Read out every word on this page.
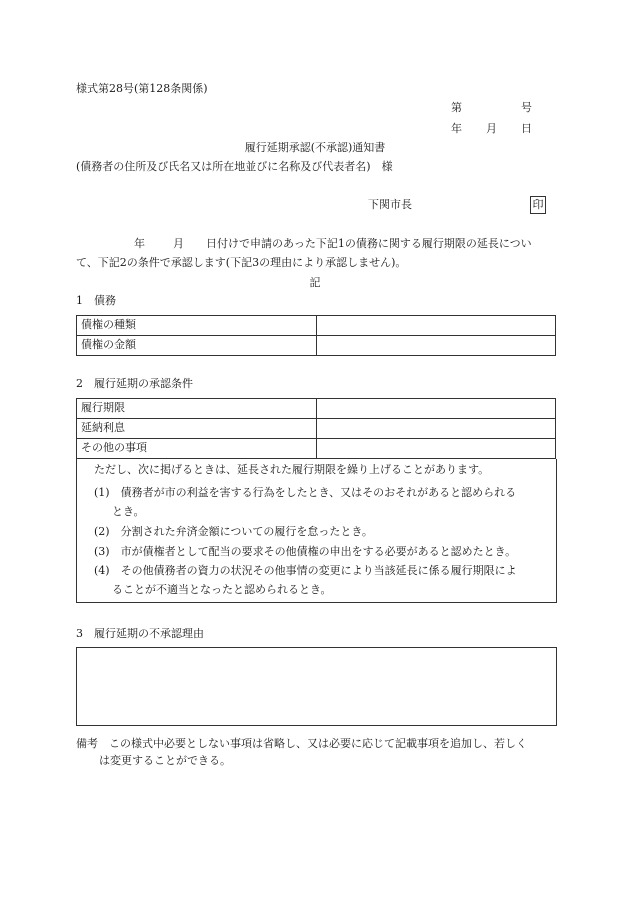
様式第28号(第128条関係)
第	号
年 月 日
履行延期承認(不承認)通知書
(債務者の住所及び氏名又は所在地並びに名称及び代表者名)　様
下関市長	印
年	月 日付けで申請のあった下記1の債務に関する履行期限の延長につい
て、下記2の条件で承認します(下記3の理由により承認しません)。
記
1　債務
債権の種類	
債権の金額	
2　履行延期の承認条件
履行期限	
延納利息	
その他の事項	
ただし、次に掲げるときは、延長された履行期限を繰り上げることがあります。
(1)　債務者が市の利益を害する行為をしたとき、又はそのおそれがあると認められる
とき。
(2)　分割された弁済金額についての履行を怠ったとき。
(3)　市が債権者として配当の要求その他債権の申出をする必要があると認めたとき。
(4)　その他債務者の資力の状況その他事情の変更により当該延長に係る履行期限によ
ることが不適当となったと認められるとき。
3　履行延期の不承認理由
備考　この様式中必要としない事項は省略し、又は必要に応じて記載事項を追加し、若しく
は変更することができる。
